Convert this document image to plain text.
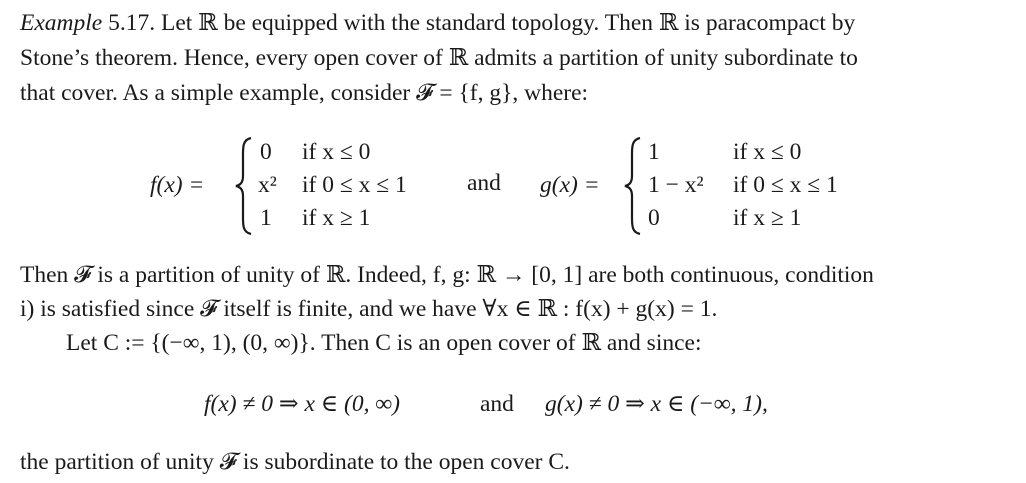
Example 5.17. Let ℝ be equipped with the standard topology. Then ℝ is paracompact by
Stone’s theorem. Hence, every open cover of ℝ admits a partition of unity subordinate to
that cover. As a simple example, consider 𝓕 = {f, g}, where:
f(x) =
0 if x ≤ 0
x² if 0 ≤ x ≤ 1
1 if x ≥ 1
and g(x) =
1	if x ≤ 0
1 − x² if 0 ≤ x ≤ 1
0	if x ≥ 1
Then 𝓕 is a partition of unity of ℝ. Indeed, f, g: ℝ → [0, 1] are both continuous, condition
i) is satisfied since 𝓕 itself is finite, and we have ∀x ∈ ℝ : f(x) + g(x) = 1.
Let C := {(−∞, 1), (0, ∞)}. Then C is an open cover of ℝ and since:
f(x) ≠ 0 ⇒ x ∈ (0, ∞)	and g(x) ≠ 0 ⇒ x ∈ (−∞, 1),
the partition of unity 𝓕 is subordinate to the open cover C.
